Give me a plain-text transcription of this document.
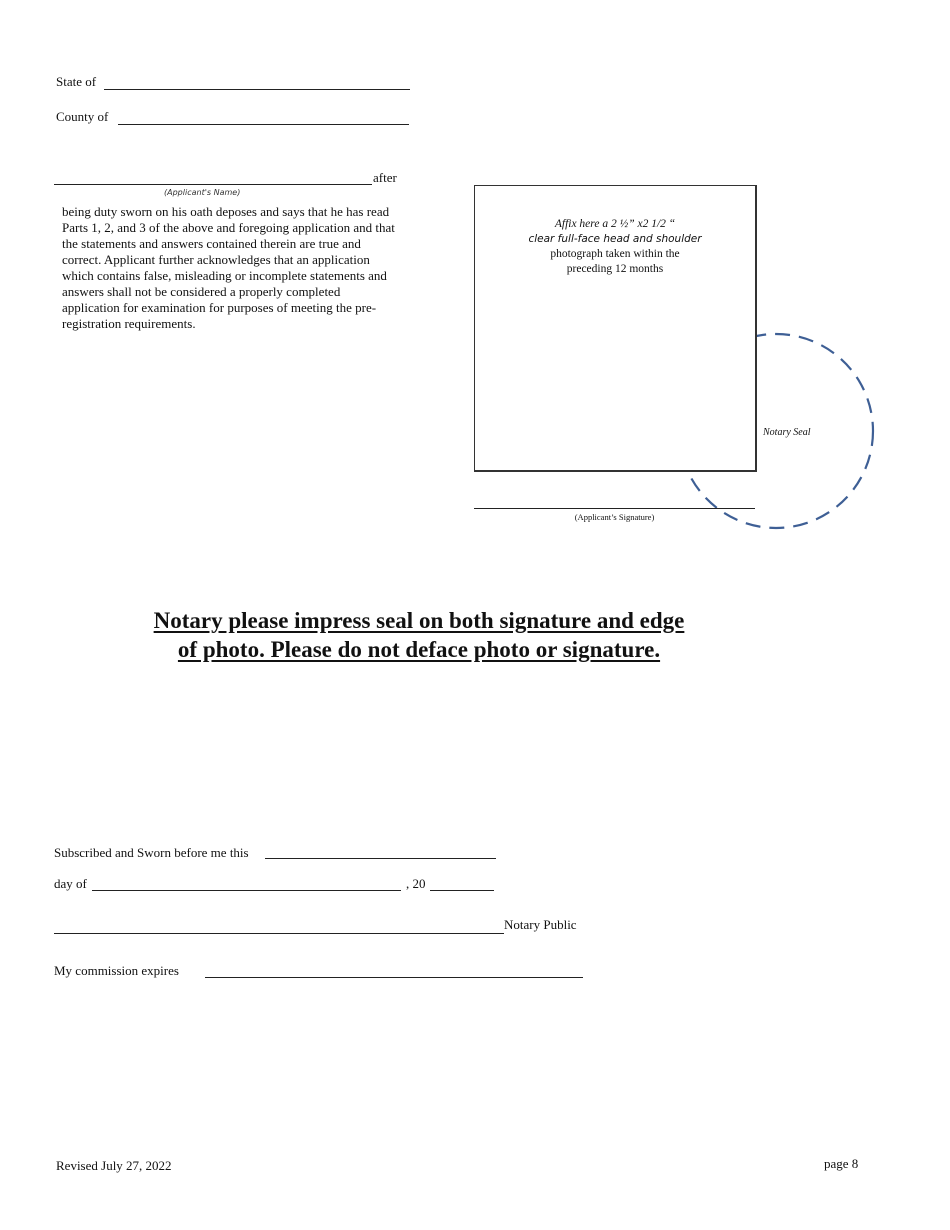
State of
County of
after
(Applicant's Name)
being duty sworn on his oath deposes and says that he has read Parts 1, 2, and 3 of the above and foregoing application and that the statements and answers contained therein are true and correct. Applicant further acknowledges that an application which contains false, misleading or incomplete statements and answers shall not be considered a properly completed application for examination for purposes of meeting the pre-registration requirements.
Notary Seal
Affix here a 2 ½” x2 1/2 “
clear full-face head and shoulder
photograph taken within the
preceding 12 months
(Applicant’s Signature)
Notary please impress seal on both signature and edge
of photo. Please do not deface photo or signature.
Subscribed and Sworn before me this
day of	, 20
Notary Public
My commission expires
Revised July 27, 2022	page 8
